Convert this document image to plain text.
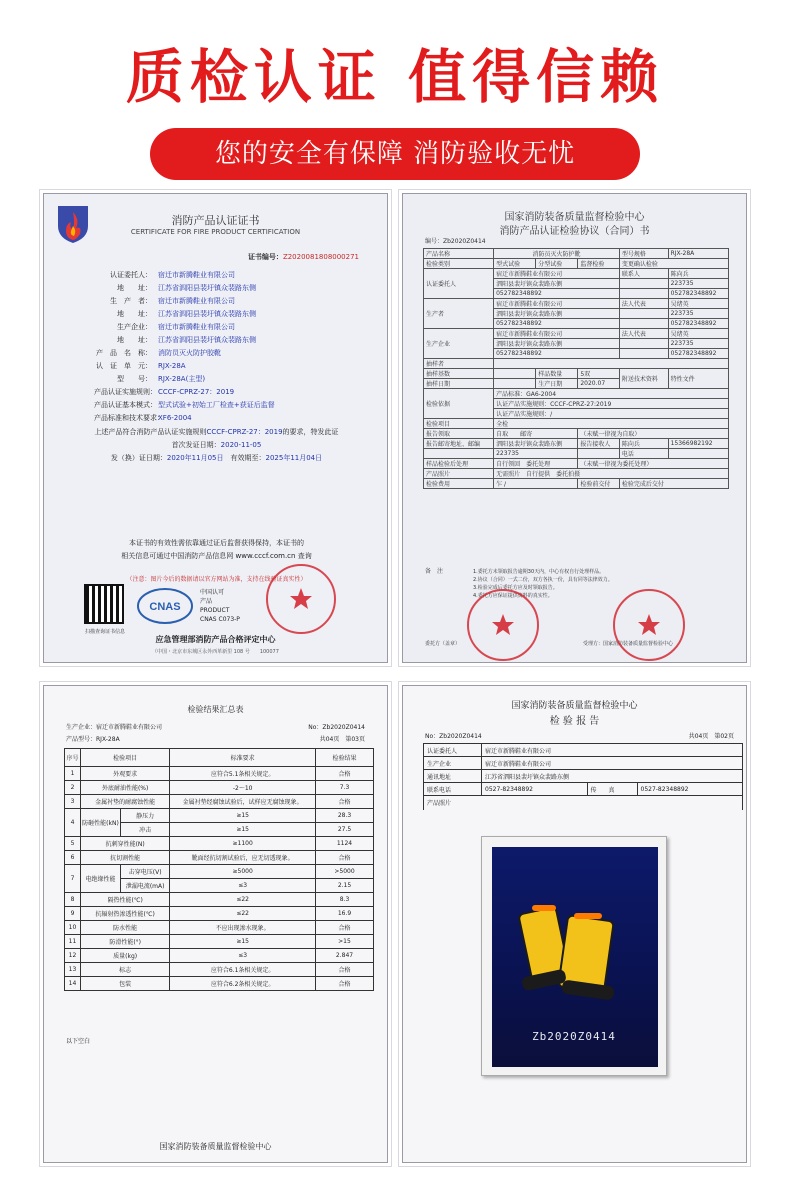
质检认证 值得信赖
您的安全有保障 消防验收无忧
消防产品认证证书
CERTIFICATE FOR FIRE PRODUCT CERTIFICATION
证书编号：Z2020081808000271
认证委托人： 宿迁市新腾鞋业有限公司
地　　址： 江苏省泗阳县裴圩镇众裴路东侧
生　产　者： 宿迁市新腾鞋业有限公司
地　　址： 江苏省泗阳县裴圩镇众裴路东侧
生产企业： 宿迁市新腾鞋业有限公司
地　　址： 江苏省泗阳县裴圩镇众裴路东侧
产　品　名　称： 消防员灭火防护胶靴
认　证　单　元： RJX-28A
型　　号： RJX-28A(主型)
产品认证实施规则：CCCF-CPRZ-27：2019
产品认证基本模式：型式试验+初始工厂检查+获证后监督
产品标准和技术要求：XF6-2004
上述产品符合消防产品认证实施规则CCCF-CPRZ-27：2019的要求，特发此证
首次发证日期：2020-11-05
发（换）证日期：2020年11月05日　 有效期至：2025年11月04日
本证书的有效性需依靠通过证后监督获得保持，本证书的
相关信息可通过中国消防产品信息网 www.cccf.com.cn 查询
（注意：图片今后的数据请以官方网站为准，支持在线验证真实性）
扫描查询证书信息
CNAS
中国认可
产品
PRODUCT
CNAS C073-P
应急管理部消防产品合格评定中心
（中国・北京市东城区永外西革新里 108 号　　100077
国家消防装备质量监督检验中心
消防产品认证检验协议（合同）书
编号：Zb2020Z0414
产品名称	消防员灭火防护靴			型号规格	RJX-28A
检验类别	型式试验	分型试验	监督检验	变更确认检验	
认证委托人	宿迁市新腾鞋业有限公司			联系人	陈向兵
	泗阳县裴圩镇众裴路东侧				223735
	05278234889​2				05278234889​2
生产者	宿迁市新腾鞋业有限公司			法人代表	吴绪英
	泗阳县裴圩镇众裴路东侧				223735
	05278234889​2				05278234889​2
生产企业	宿迁市新腾鞋业有限公司			法人代表	吴绪英
	泗阳县裴圩镇众裴路东侧				223735
	05278234889​2				05278234889​2
抽样者					
抽样基数		样品数量	5双	附送技术资料	特性文件
抽样日期		生产日期	2020.07		
检验依据	产品标准：GA6-2004				
	认证产品实施规则：CCCF-CPRZ-27:2019				
	认证产品实施规则：/				
检验项目	全检				
报告领取	自取　　邮寄		（未赋一律视为自取）		
报告邮寄地址、邮编	泗阳县裴圩镇众裴路东侧		报告接收人	陈向兵	15366982192
	223735			电话	
样品检验后处理	自行领回　委托处理		（未赋一律视为委托处理）		
产品照片	无需照片　自行提供　委托拍摄				
检验费用	乍 /		检验前交付	检验完成后交付	
备　注	1.委托方未领取报告逾期30天内，中心有权自行处理样品。
2.协议（合同）一式二份，双方各执一份，具有同等法律效力。
3.检验完成后委托方应及时领取报告。
4.委托方应保证提供资料的真实性。
委托方（盖章）	受理方：国家消防装备质量监督检验中心
检验结果汇总表
生产企业：宿迁市新腾鞋业有限公司	No：Zb2020Z0414
产品型号：RJX-28A	共04页　第03页
序号	检验项目		标准要求	检验结果
1	外观要求		应符合5.1条相关规定。	合格
2	外底耐油性能(%)		-2～10	7.3
3	金属衬垫的耐腐蚀性能		金属衬垫经腐蚀试验后，试样应无腐蚀现象。	合格
4	防砸性能(kN)	静压力	≥15	28.3
		冲击	≥15	27.5
5	抗刺穿性能(N)		≥1100	1124
6	抗切割性能		靴面经抗切割试验后，应无切透现象。	合格
7	电绝缘性能	击穿电压(V)	≥5000	>5000
		泄漏电流(mA)	≤3	2.15
8	隔热性能(℃)		≤22	8.3
9	抗辐射热渗透性能(℃)		≤22	16.9
10	防水性能		不应出现渗水现象。	合格
11	防滑性能(°)		≥15	>15
12	质量(kg)		≤3	2.847
13	标志		应符合6.1条相关规定。	合格
14	包装		应符合6.2条相关规定。	合格
以下空白
国家消防装备质量监督检验中心
国家消防装备质量监督检验中心
检 验 报 告
No：Zb2020Z0414	共04页　第02页
认证委托人	宿迁市新腾鞋业有限公司		
生产企业	宿迁市新腾鞋业有限公司		
通讯地址	江苏省泗阳县裴圩镇众裴路东侧		
联系电话	0527-82348892	传　　真	0527-82348892
产品照片			
Zb2020Z0414
